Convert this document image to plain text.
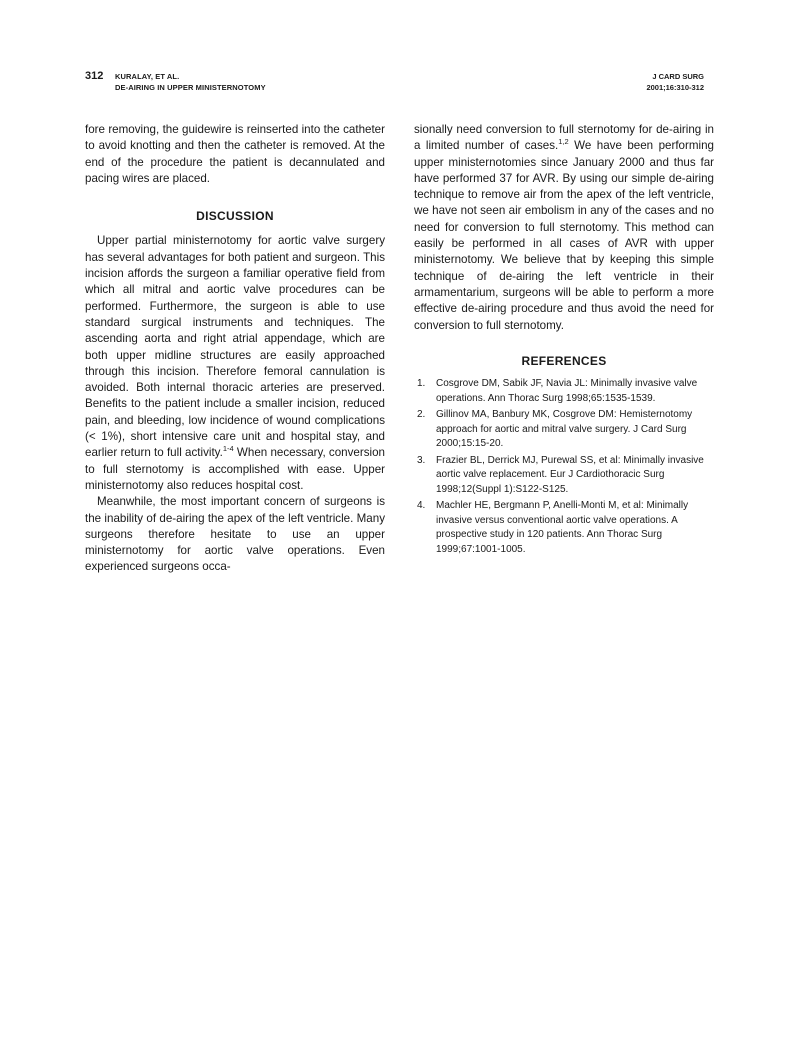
312 KURALAY, ET AL.
DE-AIRING IN UPPER MINISTERNOTOMY
J CARD SURG
2001;16:310-312

fore removing, the guidewire is reinserted into the catheter to avoid knotting and then the catheter is removed. At the end of the procedure the patient is decannulated and pacing wires are placed.

DISCUSSION

Upper partial ministernotomy for aortic valve surgery has several advantages for both patient and surgeon. This incision affords the surgeon a familiar operative field from which all mitral and aortic valve procedures can be performed. Furthermore, the surgeon is able to use standard surgical instruments and techniques. The ascending aorta and right atrial appendage, which are both upper midline structures are easily approached through this incision. Therefore femoral cannulation is avoided. Both internal thoracic arteries are preserved. Benefits to the patient include a smaller incision, reduced pain, and bleeding, low incidence of wound complications (< 1%), short intensive care unit and hospital stay, and earlier return to full activity.$^{1-4}$ When necessary, conversion to full sternotomy is accomplished with ease. Upper ministernotomy also reduces hospital cost.

Meanwhile, the most important concern of surgeons is the inability of de-airing the apex of the left ventricle. Many surgeons therefore hesitate to use an upper ministernotomy for aortic valve operations. Even experienced surgeons occa-

sionally need conversion to full sternotomy for de-airing in a limited number of cases.$^{1,2}$ We have been performing upper ministernotomies since January 2000 and thus far have performed 37 for AVR. By using our simple de-airing technique to remove air from the apex of the left ventricle, we have not seen air embolism in any of the cases and no need for conversion to full sternotomy. This method can easily be performed in all cases of AVR with upper ministernotomy. We believe that by keeping this simple technique of de-airing the left ventricle in their armamentarium, surgeons will be able to perform a more effective de-airing procedure and thus avoid the need for conversion to full sternotomy.

REFERENCES
1. Cosgrove DM, Sabik JF, Navia JL: Minimally invasive valve operations. Ann Thorac Surg 1998;65:1535-1539.
2. Gillinov MA, Banbury MK, Cosgrove DM: Hemisternotomy approach for aortic and mitral valve surgery. J Card Surg 2000;15:15-20.
3. Frazier BL, Derrick MJ, Purewal SS, et al: Minimally invasive aortic valve replacement. Eur J Cardiothoracic Surg 1998;12(Suppl 1):S122-S125.
4. Machler HE, Bergmann P, Anelli-Monti M, et al: Minimally invasive versus conventional aortic valve operations. A prospective study in 120 patients. Ann Thorac Surg 1999;67:1001-1005.
